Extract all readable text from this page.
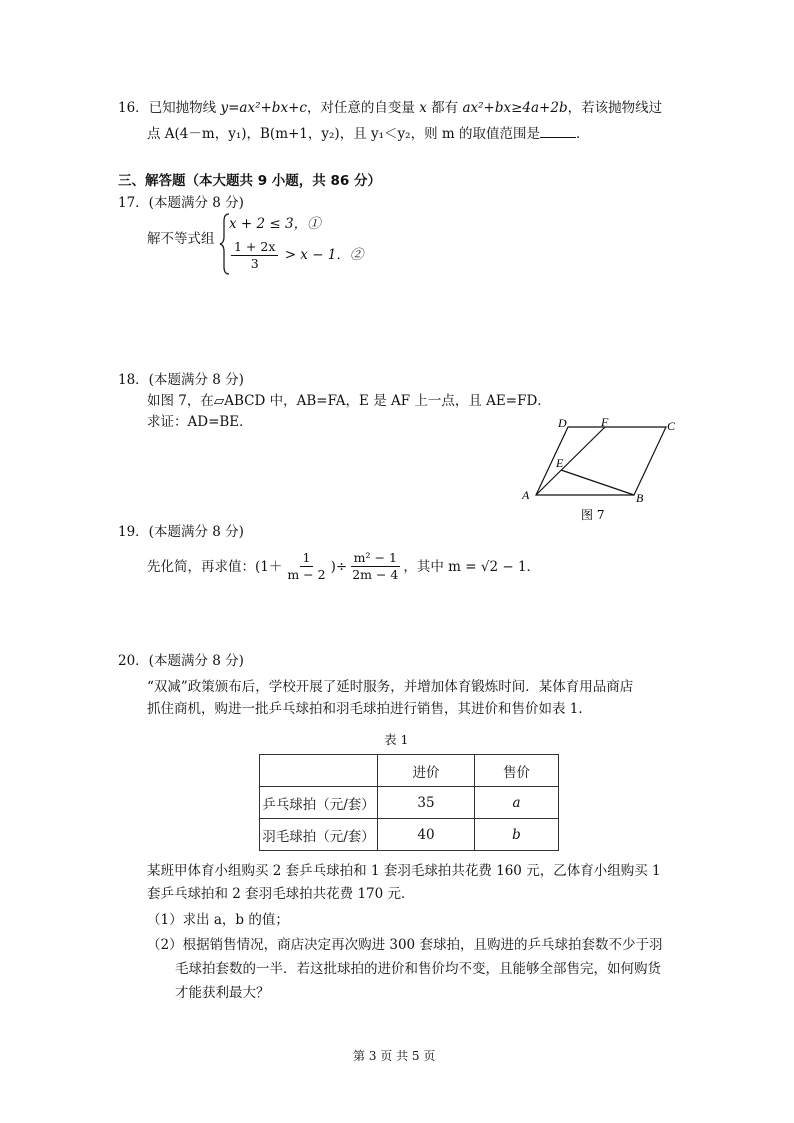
16．已知抛物线 y=ax²+bx+c，对任意的自变量 x 都有 ax²+bx≥4a+2b，若该抛物线过
点 A(4－m，y₁)，B(m+1，y₂)，且 y₁＜y₂，则 m 的取值范围是	．
三、解答题（本大题共 9 小题，共 86 分）
17．(本题满分 8 分)
解不等式组
x + 2 ≤ 3，①
$\frac{1 + 2x}{3} > x - 1$．②
18．(本题满分 8 分)
如图 7，在▱ABCD 中，AB=FA，E 是 AF 上一点，且 AE=FD．
求证：AD=BE．
A	B
C
D
E
F
图 7
19．(本题满分 8 分)
先化简，再求值：($1+ \frac{1}{m - 2}$ )÷ $\frac{\text{m² − 1}}{2m - 4}$ ，其中 m = √2 − 1．
20．(本题满分 8 分)
“双减”政策颁布后，学校开展了延时服务，并增加体育锻炼时间．某体育用品商店
抓住商机，购进一批乒乓球拍和羽毛球拍进行销售，其进价和售价如表 1．
表 1
	进价	售价
乒乓球拍（元/套）	35	a
羽毛球拍（元/套）	40	b
某班甲体育小组购买 2 套乒乓球拍和 1 套羽毛球拍共花费 160 元，乙体育小组购买 1
套乒乓球拍和 2 套羽毛球拍共花费 170 元．
（1）求出 a，b 的值；
（2）根据销售情况，商店决定再次购进 300 套球拍，且购进的乒乓球拍套数不少于羽
毛球拍套数的一半．若这批球拍的进价和售价均不变，且能够全部售完，如何购货
才能获利最大？
第 3 页 共 5 页
